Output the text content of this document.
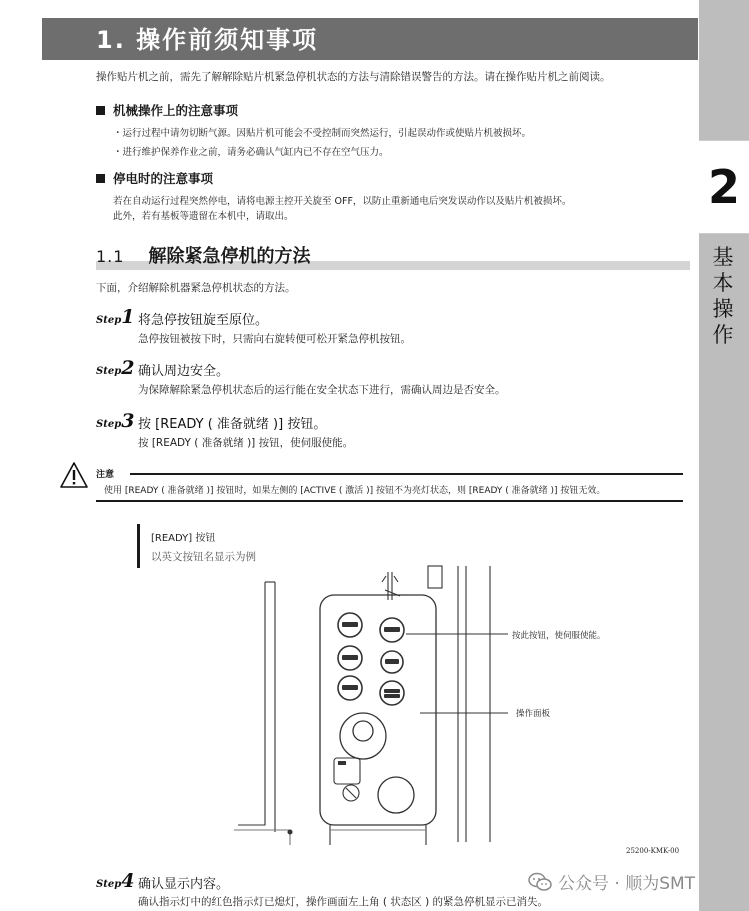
2
基
本
操
作
1. 操作前须知事项
操作贴片机之前，需先了解解除贴片机紧急停机状态的方法与清除错误警告的方法。请在操作贴片机之前阅读。
机械操作上的注意事项
・运行过程中请勿切断气源。因贴片机可能会不受控制而突然运行，引起误动作或使贴片机被损坏。
・进行维护保养作业之前，请务必确认气缸内已不存在空气压力。
停电时的注意事项
若在自动运行过程突然停电，请将电源主控开关旋至 OFF，以防止重新通电后突发误动作以及贴片机被损坏。
此外，若有基板等遗留在本机中，请取出。
1.1 解除紧急停机的方法
下面，介绍解除机器紧急停机状态的方法。
Step1 将急停按钮旋至原位。
急停按钮被按下时，只需向右旋转便可松开紧急停机按钮。
Step2 确认周边安全。
为保障解除紧急停机状态后的运行能在安全状态下进行，需确认周边是否安全。
Step3 按 [READY ( 准备就绪 )] 按钮。
按 [READY ( 准备就绪 )] 按钮，使伺服使能。
注意
使用 [READY ( 准备就绪 )] 按钮时，如果左侧的 [ACTIVE ( 激活 )] 按钮不为亮灯状态，则 [READY ( 准备就绪 )] 按钮无效。
[READY] 按钮
以英文按钮名显示为例
按此按钮，使伺服使能。
操作面板
25200-KMK-00
Step4 确认显示内容。
确认指示灯中的红色指示灯已熄灯，操作画面左上角 ( 状态区 ) 的紧急停机显示已消失。
公众号 · 顺为SMT
